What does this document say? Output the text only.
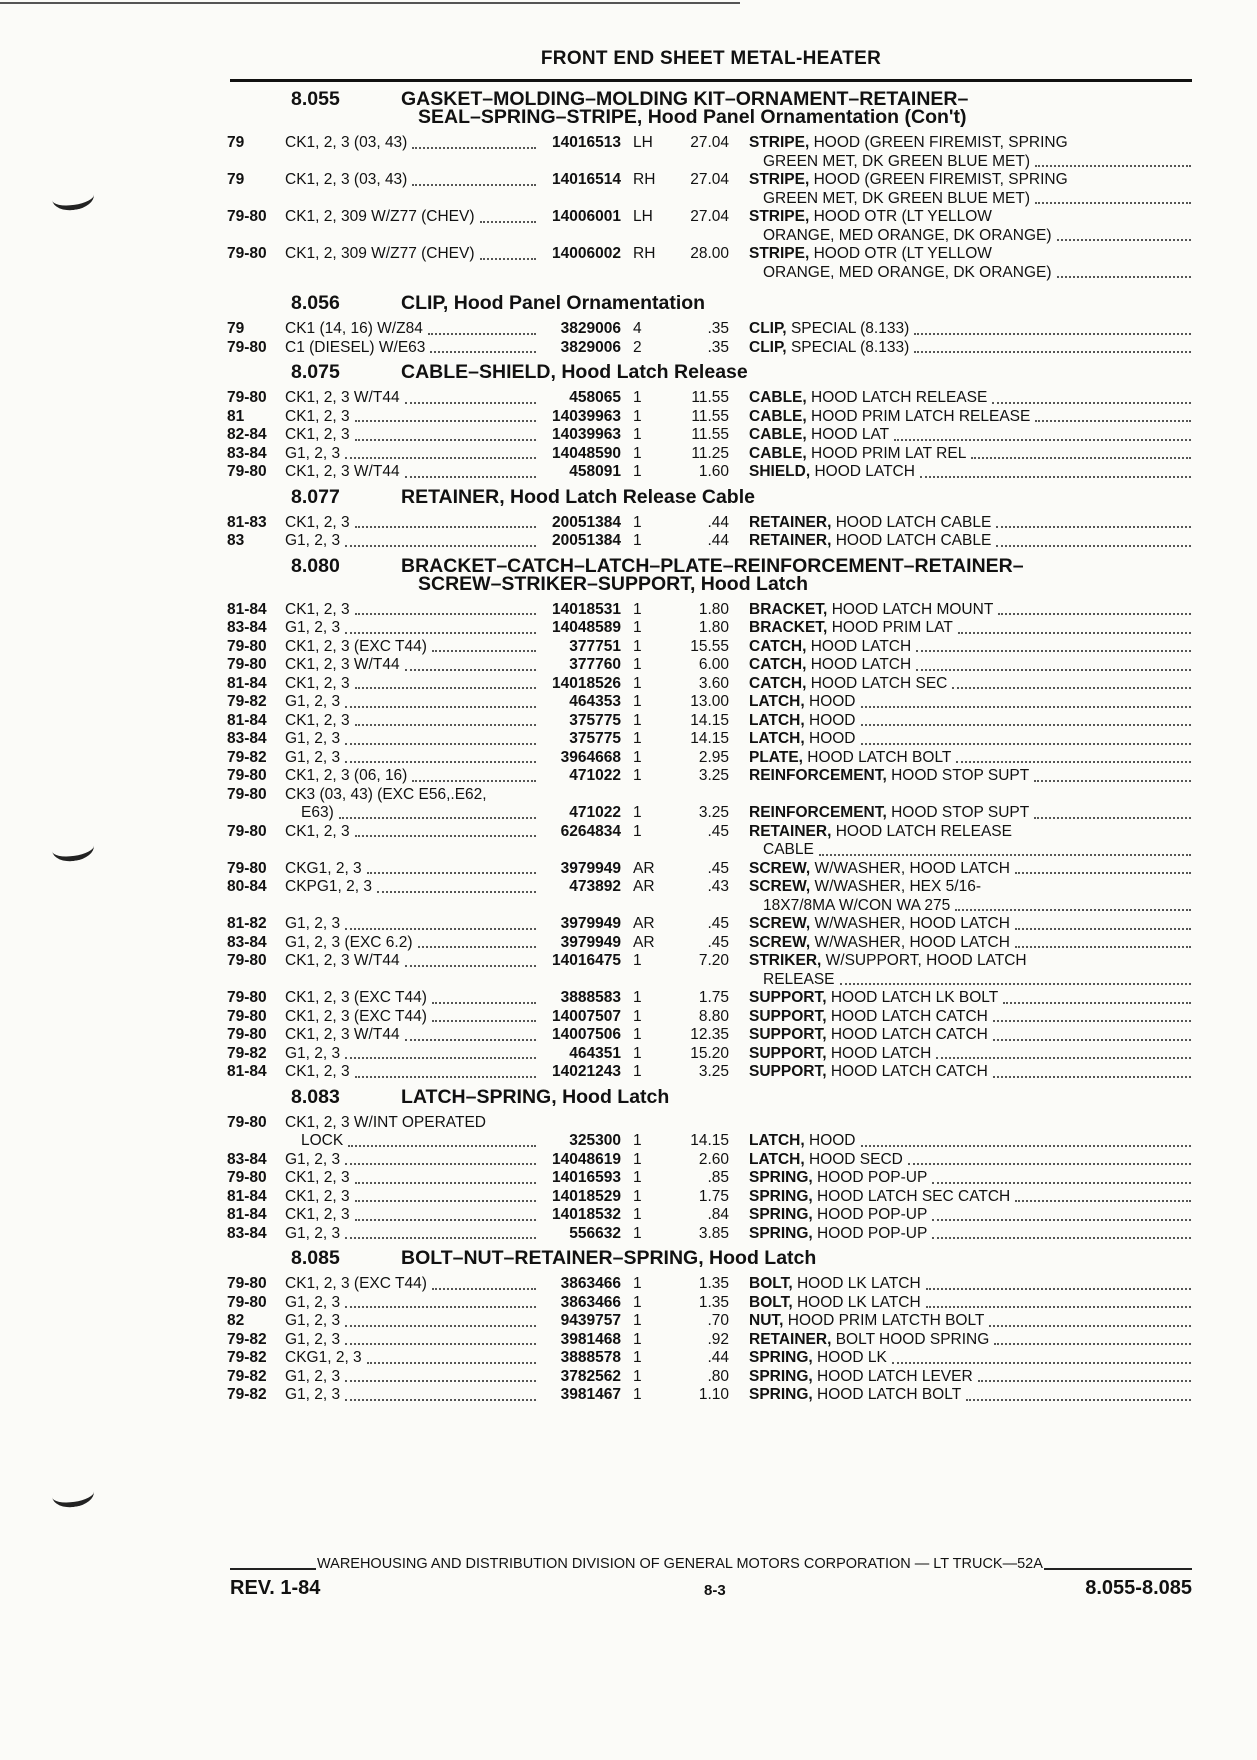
FRONT END SHEET METAL-HEATER
8.055	GASKET–MOLDING–MOLDING KIT–ORNAMENT–RETAINER–
SEAL–SPRING–STRIPE, Hood Panel Ornamentation (Con't)
79	CK1, 2, 3 (03, 43)	14016513 LH	27.04 STRIPE,
HOOD (GREEN FIREMIST, SPRING
GREEN MET, DK GREEN BLUE MET)
79	CK1, 2, 3 (03, 43)	14016514 RH	27.04 STRIPE,
HOOD (GREEN FIREMIST, SPRING
GREEN MET, DK GREEN BLUE MET)
79-80	CK1, 2, 309 W/Z77 (CHEV)	14006001 LH	27.04 STRIPE,
HOOD OTR (LT YELLOW
ORANGE, MED ORANGE, DK ORANGE)
79-80	CK1, 2, 309 W/Z77 (CHEV)	14006002 RH	28.00 STRIPE,
HOOD OTR (LT YELLOW
ORANGE, MED ORANGE, DK ORANGE)
8.056	CLIP, Hood Panel Ornamentation
79	CK1 (14, 16) W/Z84	3829006 4	.35 CLIP,
SPECIAL (8.133)
79-80	C1 (DIESEL) W/E63	3829006 2	.35 CLIP,
SPECIAL (8.133)
8.075	CABLE–SHIELD, Hood Latch Release
79-80	CK1, 2, 3 W/T44	458065 1	11.55 CABLE,
HOOD LATCH RELEASE
81	CK1, 2, 3	14039963 1	11.55 CABLE,
HOOD PRIM LATCH RELEASE
82-84	CK1, 2, 3	14039963 1	11.55 CABLE,
HOOD LAT
83-84	G1, 2, 3	14048590 1	11.25 CABLE,
HOOD PRIM LAT REL
79-80	CK1, 2, 3 W/T44	458091 1	1.60 SHIELD,
HOOD LATCH
8.077	RETAINER, Hood Latch Release Cable
81-83	CK1, 2, 3	20051384 1	.44 RETAINER,
HOOD LATCH CABLE
83	G1, 2, 3	20051384 1	.44 RETAINER,
HOOD LATCH CABLE
8.080	BRACKET–CATCH–LATCH–PLATE–REINFORCEMENT–RETAINER–
SCREW–STRIKER–SUPPORT, Hood Latch
81-84	CK1, 2, 3	14018531 1	1.80 BRACKET,
HOOD LATCH MOUNT
83-84	G1, 2, 3	14048589 1	1.80 BRACKET,
HOOD PRIM LAT
79-80	CK1, 2, 3 (EXC T44)	377751 1	15.55 CATCH,
HOOD LATCH
79-80	CK1, 2, 3 W/T44	377760 1	6.00 CATCH,
HOOD LATCH
81-84	CK1, 2, 3	14018526 1	3.60 CATCH,
HOOD LATCH SEC
79-82	G1, 2, 3	464353 1	13.00 LATCH,
HOOD
81-84	CK1, 2, 3	375775 1	14.15 LATCH,
HOOD
83-84	G1, 2, 3	375775 1	14.15 LATCH,
HOOD
79-82	G1, 2, 3	3964668 1	2.95 PLATE,
HOOD LATCH BOLT
79-80	CK1, 2, 3 (06, 16)	471022 1	3.25 REINFORCEMENT,
HOOD STOP SUPT
79-80	CK3 (03, 43) (EXC E56,.E62,
E63)	471022 1	3.25 REINFORCEMENT,
HOOD STOP SUPT
79-80	CK1, 2, 3	6264834 1	.45 RETAINER,
HOOD LATCH RELEASE
CABLE
79-80	CKG1, 2, 3	3979949 AR	.45 SCREW,
W/WASHER, HOOD LATCH
80-84	CKPG1, 2, 3	473892 AR	.43 SCREW,
W/WASHER, HEX 5/16-
18X7/8MA W/CON WA 275
81-82	G1, 2, 3	3979949 AR	.45 SCREW,
W/WASHER, HOOD LATCH
83-84	G1, 2, 3 (EXC 6.2)	3979949 AR	.45 SCREW,
W/WASHER, HOOD LATCH
79-80	CK1, 2, 3 W/T44	14016475 1	7.20 STRIKER,
W/SUPPORT, HOOD LATCH
RELEASE
79-80	CK1, 2, 3 (EXC T44)	3888583 1	1.75 SUPPORT,
HOOD LATCH LK BOLT
79-80	CK1, 2, 3 (EXC T44)	14007507 1	8.80 SUPPORT,
HOOD LATCH CATCH
79-80	CK1, 2, 3 W/T44	14007506 1	12.35 SUPPORT,
HOOD LATCH CATCH
79-82	G1, 2, 3	464351 1	15.20 SUPPORT,
HOOD LATCH
81-84	CK1, 2, 3	14021243 1	3.25 SUPPORT,
HOOD LATCH CATCH
8.083	LATCH–SPRING, Hood Latch
79-80	CK1, 2, 3 W/INT OPERATED
LOCK	325300 1	14.15 LATCH,
HOOD
83-84	G1, 2, 3	14048619 1	2.60 LATCH,
HOOD SECD
79-80	CK1, 2, 3	14016593 1	.85 SPRING,
HOOD POP-UP
81-84	CK1, 2, 3	14018529 1	1.75 SPRING,
HOOD LATCH SEC CATCH
81-84	CK1, 2, 3	14018532 1	.84 SPRING,
HOOD POP-UP
83-84	G1, 2, 3	556632 1	3.85 SPRING,
HOOD POP-UP
8.085	BOLT–NUT–RETAINER–SPRING, Hood Latch
79-80	CK1, 2, 3 (EXC T44)	3863466 1	1.35 BOLT,
HOOD LK LATCH
79-80	G1, 2, 3	3863466 1	1.35 BOLT,
HOOD LK LATCH
82	G1, 2, 3	9439757 1	.70 NUT,
HOOD PRIM LATCTH BOLT
79-82	G1, 2, 3	3981468 1	.92 RETAINER,
BOLT HOOD SPRING
79-82	CKG1, 2, 3	3888578 1	.44 SPRING,
HOOD LK
79-82	G1, 2, 3	3782562 1	.80 SPRING,
HOOD LATCH LEVER
79-82	G1, 2, 3	3981467 1	1.10 SPRING,
HOOD LATCH BOLT
WAREHOUSING AND DISTRIBUTION DIVISION OF GENERAL MOTORS CORPORATION — LT TRUCK—52A
REV. 1-84	8-3	8.055-8.085
